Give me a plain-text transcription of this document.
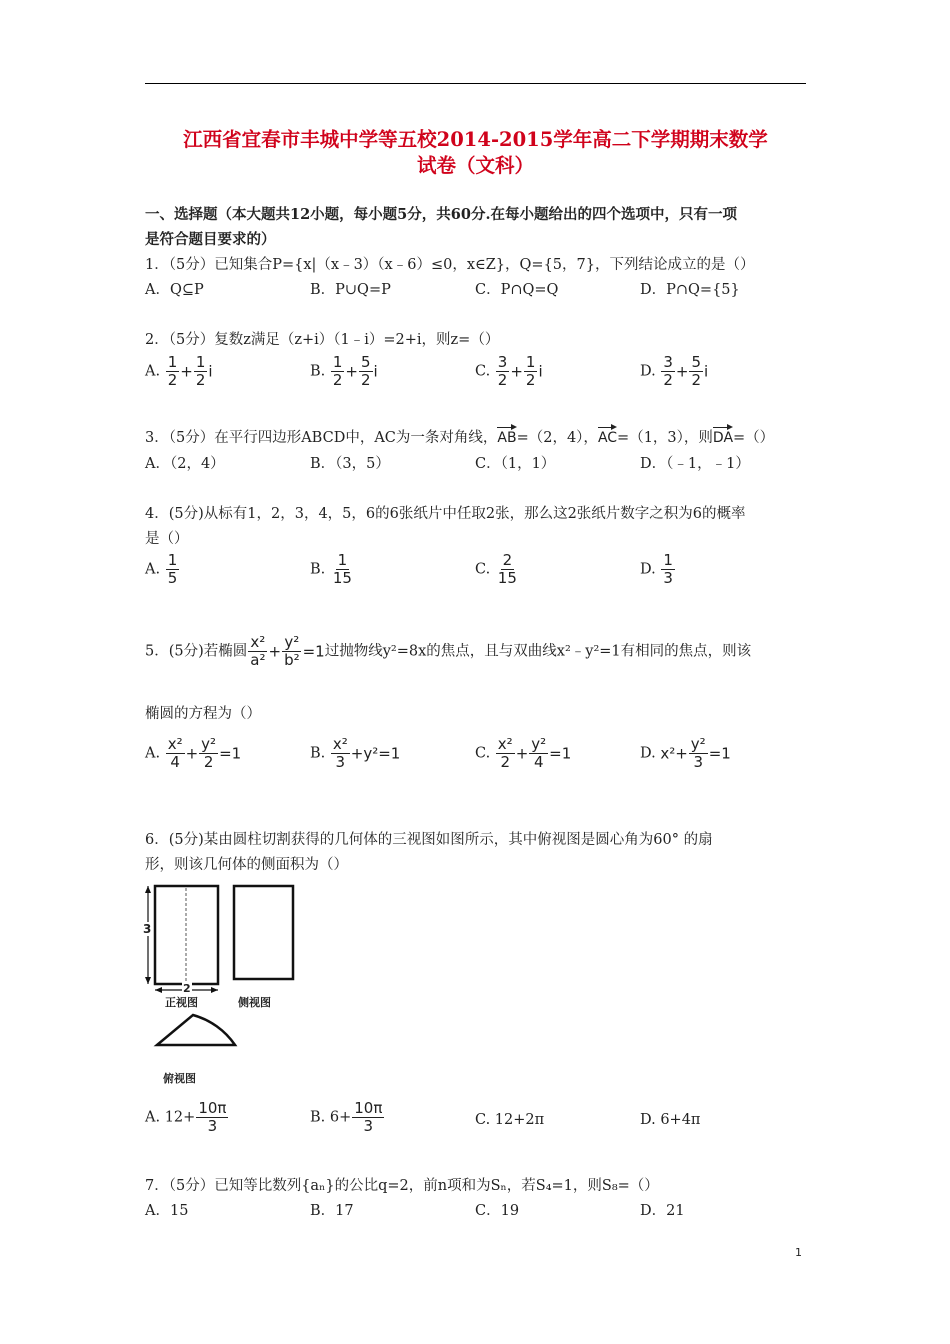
江西省宜春市丰城中学等五校2014-2015学年高二下学期期末数学
试卷（文科）
一、选择题（本大题共12小题，每小题5分，共60分.在每小题给出的四个选项中，只有一项
是符合题目要求的）
1．（5分）已知集合P={x|（x﹣3）（x﹣6）≤0，x∈Z}，Q={5，7}，下列结论成立的是（）
A．Q⊆P	B．P∪Q=P	C．P∩Q=Q	D．P∩Q={5}
2．（5分）复数z满足（z+i）（1﹣i）=2+i，则z=（）
A. $\frac{1}{2} + \frac{1}{2}$ i	B. $\frac{1}{2} + \frac{5}{2}$ i	C. $\frac{3}{2} + \frac{1}{2}$ i	D. $\frac{3}{2} + \frac{5}{2}$ i
3．（5分）在平行四边形ABCD中，AC为一条对角线，AB=（2，4），AC=（1，3），则DA=（）
A．（2，4）	B．（3，5）	C．（1，1）	D．（﹣1，﹣1）
4．(5分)从标有1，2，3，4，5，6的6张纸片中任取2张，那么这2张纸片数字之积为6的概率
是（）
A. $\frac{1}{5}$	B. $\frac{1}{15}$	C. $\frac{2}{15}$	D. $\frac{1}{3}$
5．(5分)若椭圆 $\frac{\text{x²}}{\text{a²}} + \frac{\text{y²}}{\text{b²}} =1$过抛物线y²=8x的焦点，且与双曲线x²﹣y²=1有相同的焦点，则该
椭圆的方程为（）
A. $\frac{\text{x²}}{4} + \frac{\text{y²}}{2} =1$	B. $\frac{\text{x²}}{3} +y^2=1$	C. $\frac{\text{x²}}{2} + \frac{\text{y²}}{4} =1$	D. $x^2+ \frac{\text{y²}}{3} =1$
6．(5分)某由圆柱切割获得的几何体的三视图如图所示，其中俯视图是圆心角为60° 的扇
形，则该几何体的侧面积为（）
3
2
正视图	侧视图
俯视图
A. $12+ \frac{10\pi}{3}$	B. $6+ \frac{10\pi}{3}$	C. 12+2π	D. 6+4π
7．（5分）已知等比数列{aₙ}的公比q=2，前n项和为Sₙ，若S₄=1，则S₈=（）
A．15	B．17	C．19	D．21
1
